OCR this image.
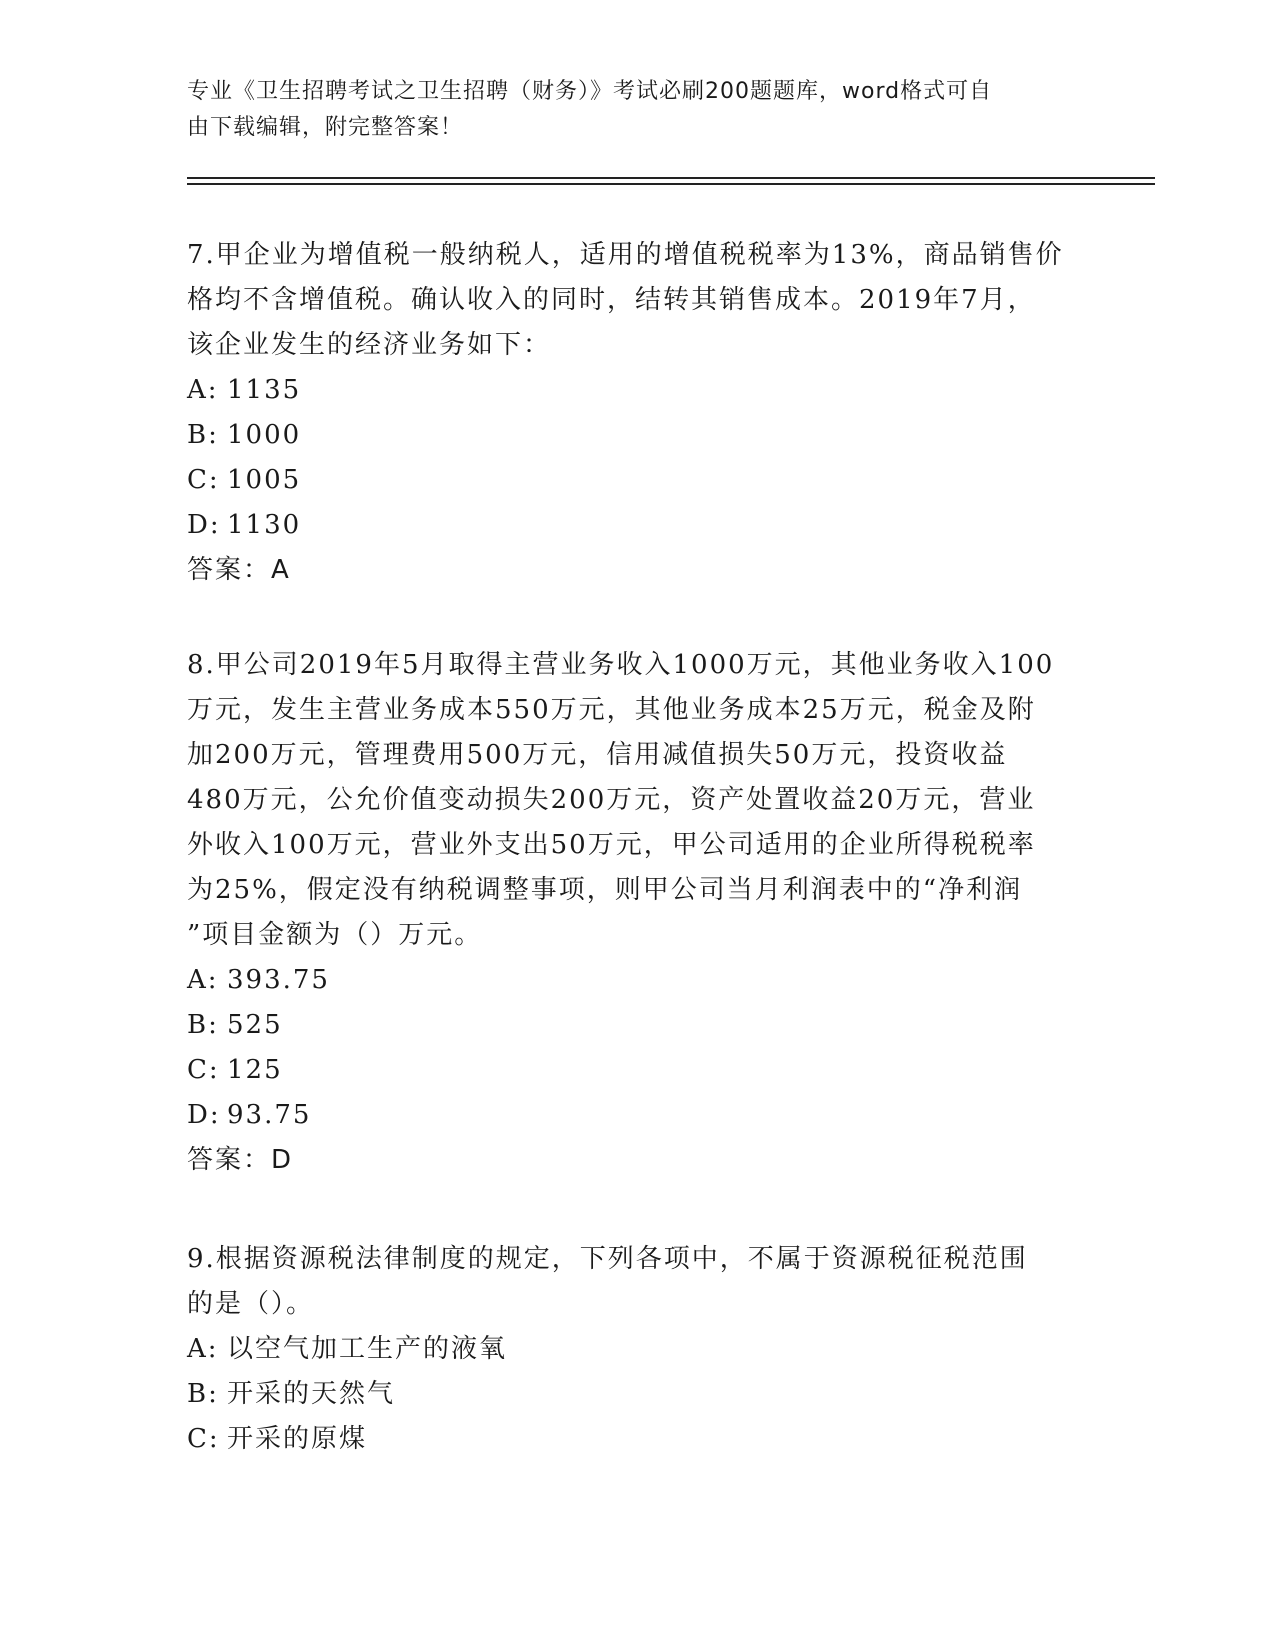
专业《卫生招聘考试之卫生招聘（财务）》考试必刷200题题库，word格式可自
由下载编辑，附完整答案！
7.甲企业为增值税一般纳税人，适用的增值税税率为13%，商品销售价
格均不含增值税。确认收入的同时，结转其销售成本。2019年7月，
该企业发生的经济业务如下：
A: 1135
B: 1000
C: 1005
D: 1130
答案：A
8.甲公司2019年5月取得主营业务收入1000万元，其他业务收入100
万元，发生主营业务成本550万元，其他业务成本25万元，税金及附
加200万元，管理费用500万元，信用减值损失50万元，投资收益
480万元，公允价值变动损失200万元，资产处置收益20万元，营业
外收入100万元，营业外支出50万元，甲公司适用的企业所得税税率
为25%，假定没有纳税调整事项，则甲公司当月利润表中的“净利润
”项目金额为（）万元。
A: 393.75
B: 525
C: 125
D: 93.75
答案：D
9.根据资源税法律制度的规定，下列各项中，不属于资源税征税范围
的是（）。
A: 以空气加工生产的液氧
B: 开采的天然气
C: 开采的原煤
